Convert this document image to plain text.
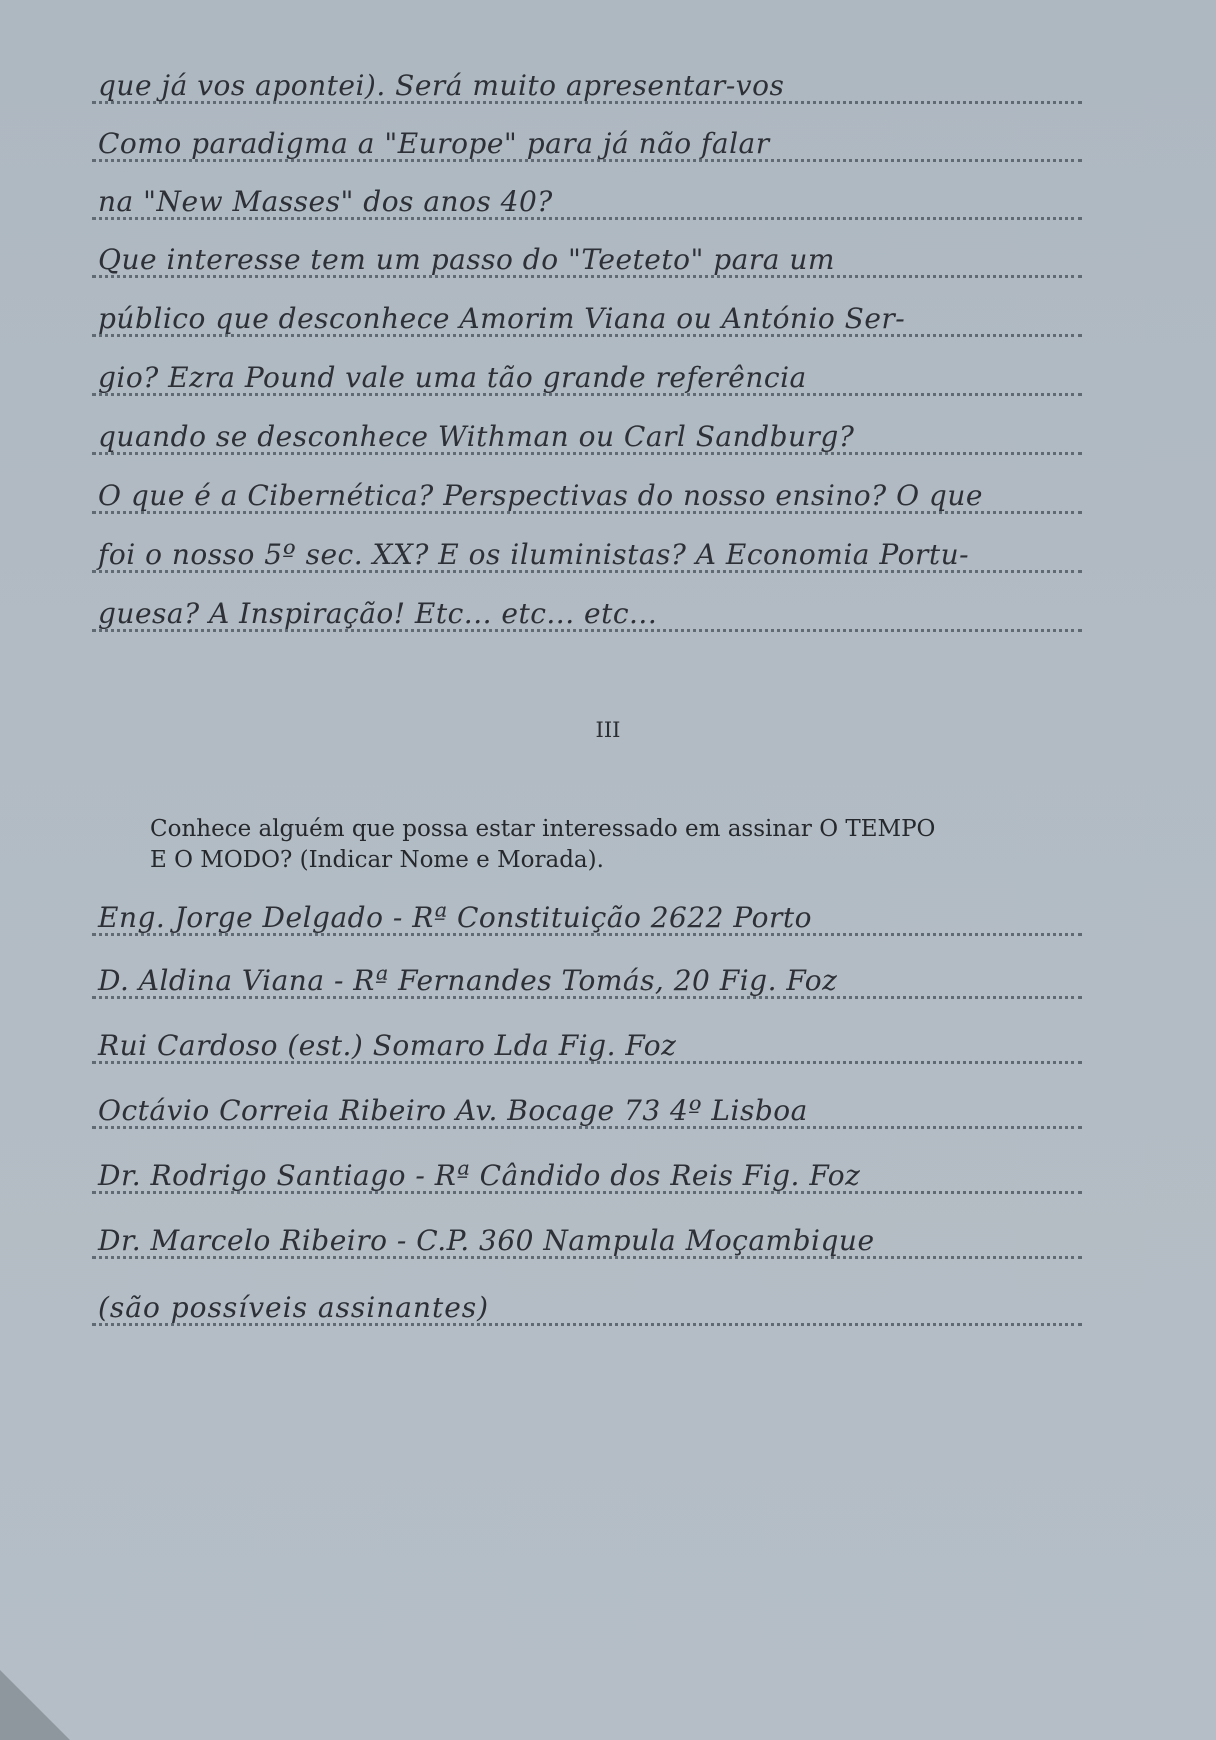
que já vos apontei). Será muito apresentar-vos
Como paradigma a "Europe" para já não falar
na "New Masses" dos anos 40?
Que interesse tem um passo do "Teeteto" para um
público que desconhece Amorim Viana ou António Ser-
gio? Ezra Pound vale uma tão grande referência
quando se desconhece Withman ou Carl Sandburg?
O que é a Cibernética? Perspectivas do nosso ensino? O que
foi o nosso 5º sec. XX? E os iluministas? A Economia Portu-
guesa? A Inspiração! Etc... etc... etc...
III
Conhece alguém que possa estar interessado em assinar O TEMPO
E O MODO? (Indicar Nome e Morada).
Eng. Jorge Delgado - Rª Constituição 2622 Porto
D. Aldina Viana - Rª Fernandes Tomás, 20 Fig. Foz
Rui Cardoso (est.) Somaro Lda Fig. Foz
Octávio Correia Ribeiro Av. Bocage 73 4º Lisboa
Dr. Rodrigo Santiago - Rª Cândido dos Reis Fig. Foz
Dr. Marcelo Ribeiro - C.P. 360 Nampula Moçambique
(são possíveis assinantes)
